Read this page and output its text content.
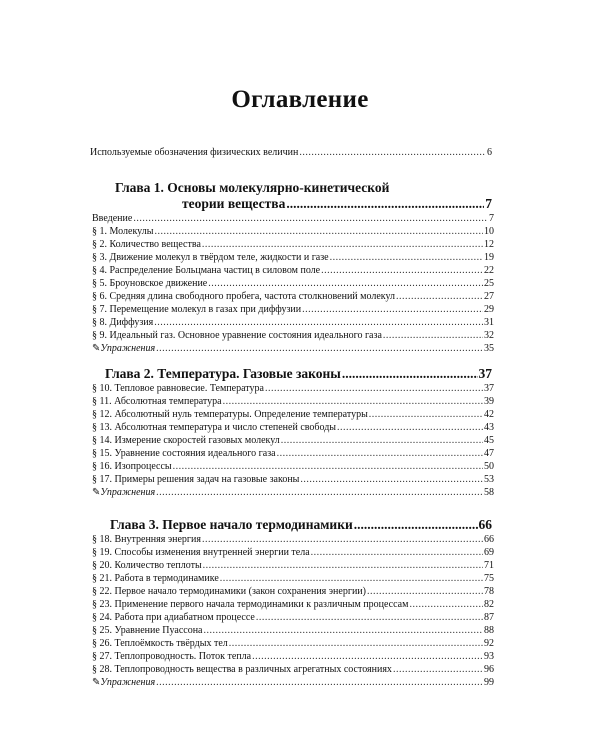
Оглавление
Используемые обозначения физических величин .....	6
Глава 1. Основы молекулярно-кинетической
теории вещества .....	7
Введение .....	7
§ 1. Молекулы .....	10
§ 2. Количество вещества .....	12
§ 3. Движение молекул в твёрдом теле, жидкости и газе .....	19
§ 4. Распределение Больцмана частиц в силовом поле .....	22
§ 5. Броуновское движение .....	25
§ 6. Средняя длина свободного пробега, частота столкновений молекул .....	27
§ 7. Перемещение молекул в газах при диффузии .....	29
§ 8. Диффузия .....	31
§ 9. Идеальный газ. Основное уравнение состояния идеального газа .....	32
✎ Упражнения .....	35
Глава 2. Температура. Газовые законы .....	37
§ 10. Тепловое равновесие. Температура .....	37
§ 11. Абсолютная температура .....	39
§ 12. Абсолютный нуль температуры. Определение температуры .....	42
§ 13. Абсолютная температура и число степеней свободы .....	43
§ 14. Измерение скоростей газовых молекул .....	45
§ 15. Уравнение состояния идеального газа .....	47
§ 16. Изопроцессы .....	50
§ 17. Примеры решения задач на газовые законы .....	53
✎ Упражнения .....	58
Глава 3. Первое начало термодинамики .....	66
§ 18. Внутренняя энергия .....	66
§ 19. Способы изменения внутренней энергии тела .....	69
§ 20. Количество теплоты .....	71
§ 21. Работа в термодинамике .....	75
§ 22. Первое начало термодинамики (закон сохранения энергии) .....	78
§ 23. Применение первого начала термодинамики к различным процессам .....	82
§ 24. Работа при адиабатном процессе .....	87
§ 25. Уравнение Пуассона .....	88
§ 26. Теплоёмкость твёрдых тел .....	92
§ 27. Теплопроводность. Поток тепла .....	93
§ 28. Теплопроводность вещества в различных агрегатных состояниях .....	96
✎ Упражнения .....	99
